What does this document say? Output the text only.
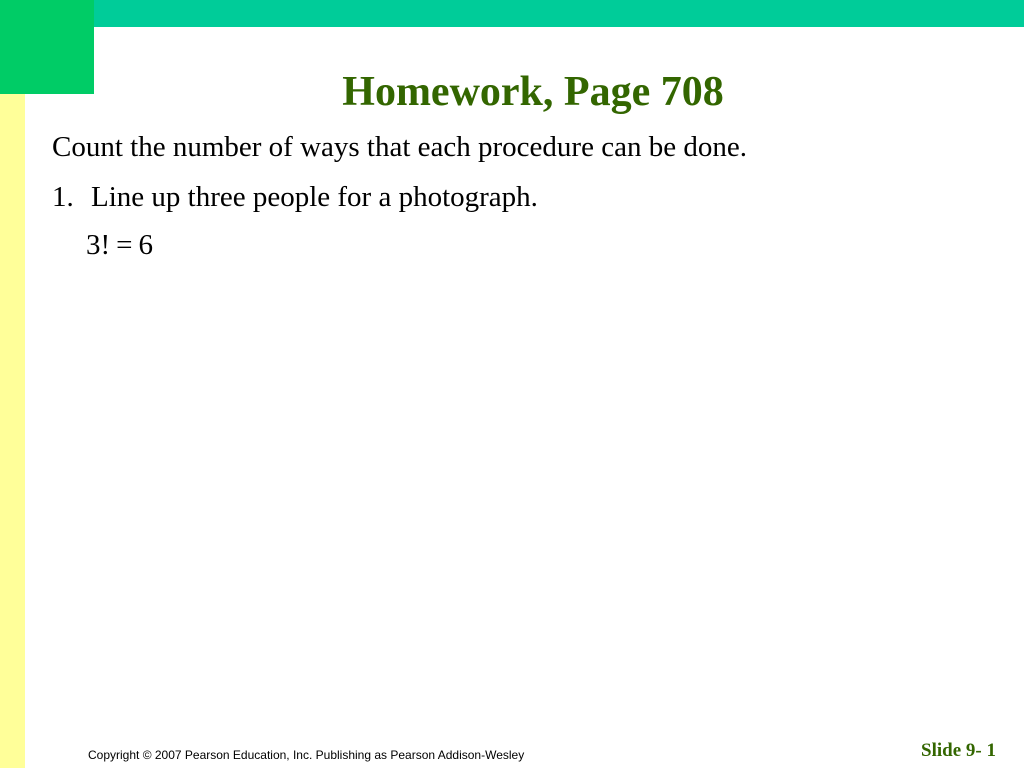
Homework, Page 708
Count the number of ways that each procedure can be done.
1. Line up three people for a photograph.
3! = 6
Copyright © 2007 Pearson Education, Inc. Publishing as Pearson Addison-Wesley	Slide 9- 1
